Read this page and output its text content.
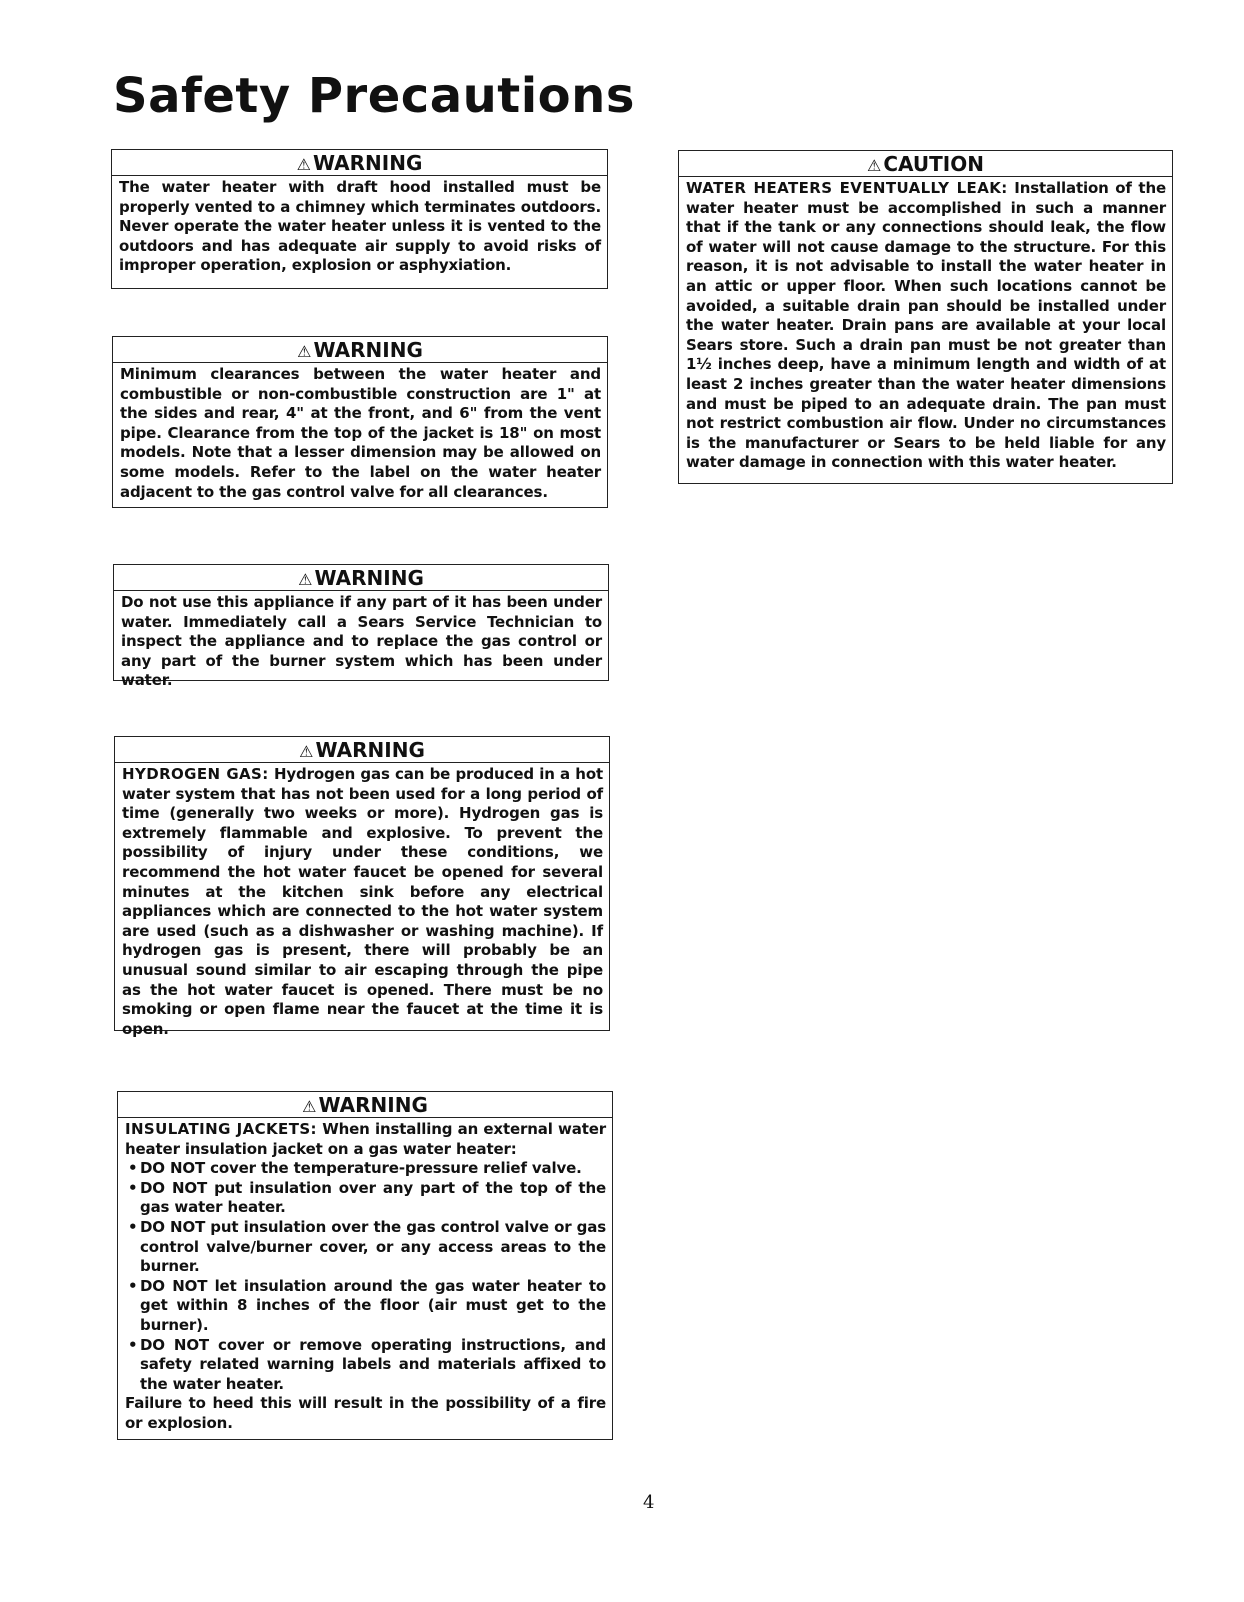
Safety Precautions
⚠ WARNING
The water heater with draft hood installed must be properly vented to a chimney which terminates outdoors. Never operate the water heater unless it is vented to the outdoors and has adequate air supply to avoid risks of improper operation, explosion or asphyxiation.
⚠ WARNING
Minimum clearances between the water heater and combustible or non-combustible construction are 1" at the sides and rear, 4" at the front, and 6" from the vent pipe. Clearance from the top of the jacket is 18" on most models. Note that a lesser dimension may be allowed on some models. Refer to the label on the water heater adjacent to the gas control valve for all clearances.
⚠ WARNING
Do not use this appliance if any part of it has been under water. Immediately call a Sears Service Technician to inspect the appliance and to replace the gas control or any part of the burner system which has been under water.
⚠ WARNING
HYDROGEN GAS: Hydrogen gas can be produced in a hot water system that has not been used for a long period of time (generally two weeks or more). Hydrogen gas is extremely flammable and explosive. To prevent the possibility of injury under these conditions, we recommend the hot water faucet be opened for several minutes at the kitchen sink before any electrical appliances which are connected to the hot water system are used (such as a dishwasher or washing machine). If hydrogen gas is present, there will probably be an unusual sound similar to air escaping through the pipe as the hot water faucet is opened. There must be no smoking or open flame near the faucet at the time it is open.
⚠ WARNING
INSULATING JACKETS: When installing an external water heater insulation jacket on a gas water heater:
• DO NOT cover the temperature-pressure relief valve.
• DO NOT put insulation over any part of the top of the gas water heater.
• DO NOT put insulation over the gas control valve or gas control valve/burner cover, or any access areas to the burner.
• DO NOT let insulation around the gas water heater to get within 8 inches of the floor (air must get to the burner).
• DO NOT cover or remove operating instructions, and safety related warning labels and materials affixed to the water heater.
Failure to heed this will result in the possibility of a fire or explosion.
⚠ CAUTION
WATER HEATERS EVENTUALLY LEAK: Installation of the water heater must be accomplished in such a manner that if the tank or any connections should leak, the flow of water will not cause damage to the structure. For this reason, it is not advisable to install the water heater in an attic or upper floor. When such locations cannot be avoided, a suitable drain pan should be installed under the water heater. Drain pans are available at your local Sears store. Such a drain pan must be not greater than 1½ inches deep, have a minimum length and width of at least 2 inches greater than the water heater dimensions and must be piped to an adequate drain. The pan must not restrict combustion air flow. Under no circumstances is the manufacturer or Sears to be held liable for any water damage in connection with this water heater.
4
